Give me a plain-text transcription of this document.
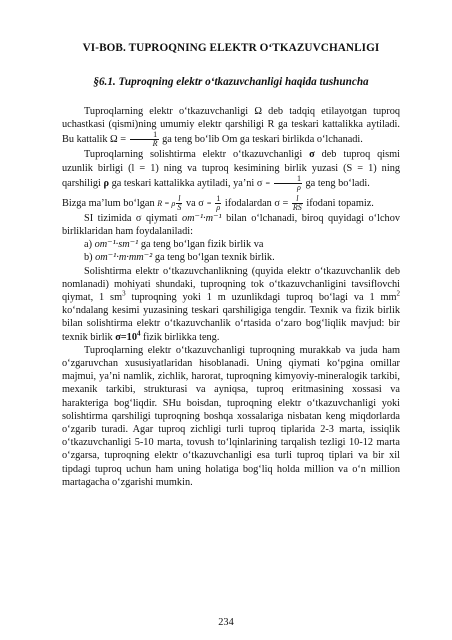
VI-BOB. TUPROQNING ELEKTR O‘TKAZUVCHANLIGI
§6.1. Tuproqning elektr o‘tkazuvchanligi haqida tushuncha

Tuproqlarning elektr o‘tkazuvchanligi Ω deb tadqiq etilayotgan tuproq uchastkasi (qismi)ning umumiy elektr qarshiligi R ga teskari kattalikka aytiladi. Bu kattalik $\Omega = \frac{1}{R}$ ga teng bo‘lib Om ga teskari birlikda o‘lchanadi.

Tuproqlarning solishtirma elektr o‘tkazuvchanligi σ deb tuproq qismi uzunlik birligi (l = 1) ning va tuproq kesimining birlik yuzasi (S = 1) ning qarshiligi ρ ga teskari kattalikka aytiladi, ya’ni $\sigma = \frac{1}{\rho}$ ga teng bo‘ladi.

Bizga ma’lum bo‘lgan R = ρ $\frac{l}{S}$ va $\sigma = \frac{1}{\rho}$ ifodalardan $\sigma = \frac{l}{RS}$ ifodani topamiz.

SI tizimida σ qiymati om⁻¹·m⁻¹ bilan o‘lchanadi, biroq quyidagi o‘lchov birliklaridan ham foydalaniladi:

a) om⁻¹·sm⁻¹ ga teng bo‘lgan fizik birlik va

b) om⁻¹·m·mm⁻² ga teng bo‘lgan texnik birlik.

Solishtirma elektr o‘tkazuvchanlikning (quyida elektr o‘tkazuvchanlik deb nomlanadi) mohiyati shundaki, tuproqning tok o‘tkazuvchanligini tavsiflovchi qiymat, 1 $sm^3$ tuproqning yoki 1 m uzunlikdagi tuproq bo‘lagi va 1 $mm^2$ ko‘ndalang kesimi yuzasining teskari qarshiligiga tengdir. Texnik va fizik birlik bilan solishtirma elektr o‘tkazuvchanlik o‘rtasida o‘zaro bog‘liqlik mavjud: bir texnik birlik $\sigma=10^4$ fizik birlikka teng.

Tuproqlarning elektr o‘tkazuvchanligi tuproqning murakkab va juda ham o‘zgaruvchan xususiyatlaridan hisoblanadi. Uning qiymati ko‘pgina omillar majmui, ya’ni namlik, zichlik, harorat, tuproqning kimyoviy-mineralogik tarkibi, mexanik tarkibi, strukturasi va ayniqsa, tuproq eritmasining xossasi va harakteriga bog‘liqdir. SHu boisdan, tuproqning elektr o‘tkazuvchanligi yoki solishtirma qarshiligi tuproqning boshqa xossalariga nisbatan keng miqdorlarda o‘zgarib turadi. Agar tuproq zichligi turli tuproq tiplarida 2-3 marta, issiqlik o‘tkazuvchanligi 5-10 marta, tovush to‘lqinlarining tarqalish tezligi 10-12 marta o‘zgarsa, tuproqning elektr o‘tkazuvchanligi esa turli tuproq tiplari va bir xil tipdagi tuproq uchun ham uning holatiga bog‘liq holda million va o‘n million martagacha o‘zgarishi mumkin.

234
